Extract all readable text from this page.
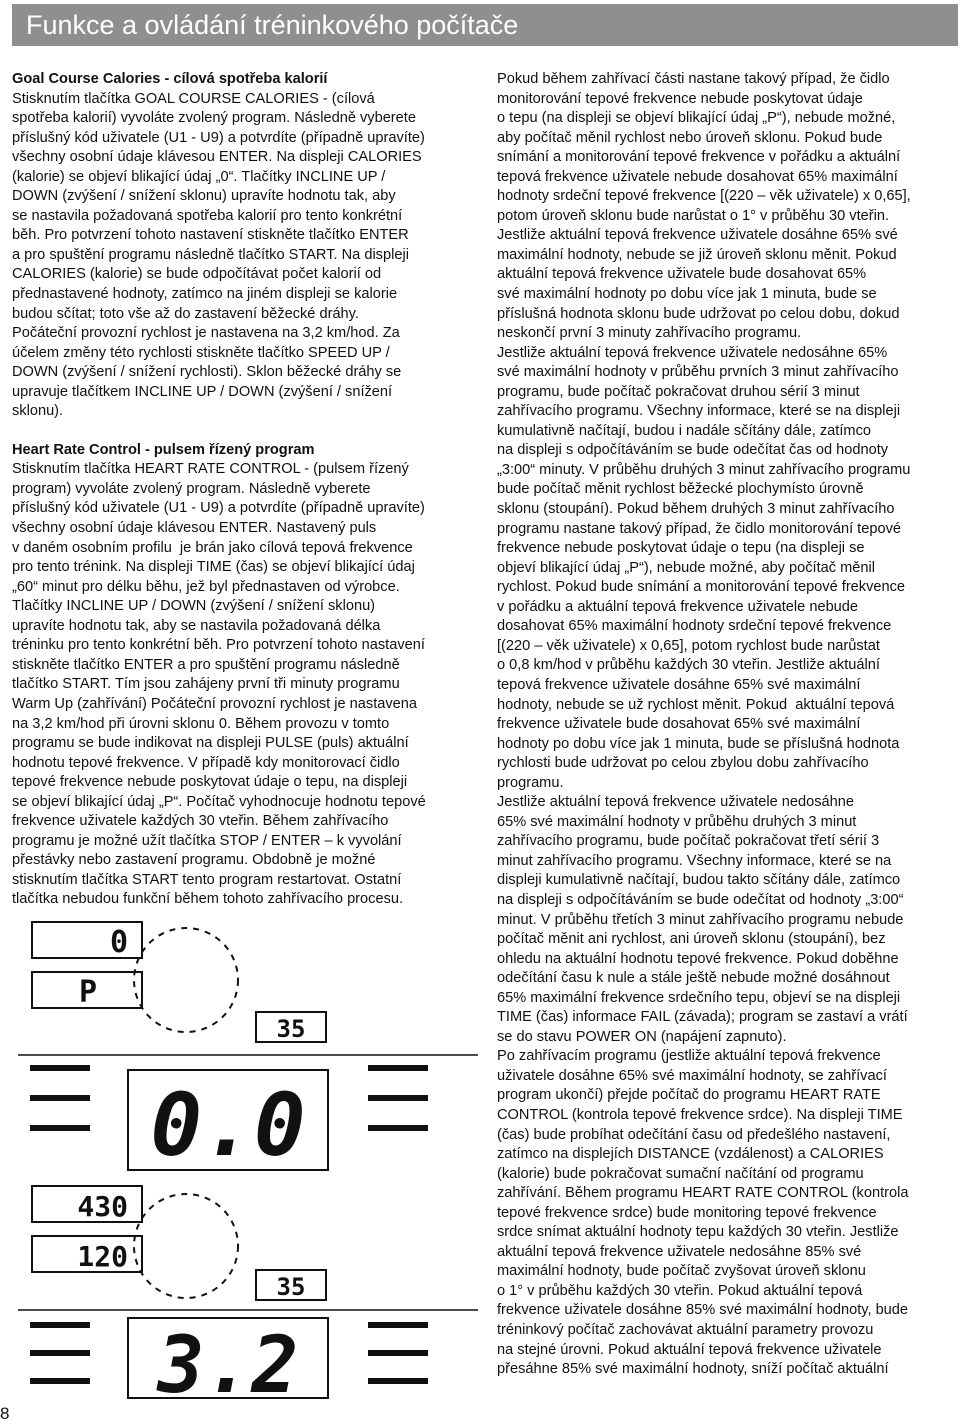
Funkce a ovládání tréninkového počítače

Goal Course Calories - cílová spotřeba kalorií

Stisknutím tlačítka GOAL COURSE CALORIES - (cílová

spotřeba kalorií) vyvoláte zvolený program. Následně vyberete

příslušný kód uživatele (U1 - U9) a potvrdíte (případně upravíte)

všechny osobní údaje klávesou ENTER. Na displeji CALORIES

(kalorie) se objeví blikající údaj „0“. Tlačítky INCLINE UP /

DOWN (zvýšení / snížení sklonu) upravíte hodnotu tak, aby

se nastavila požadovaná spotřeba kalorií pro tento konkrétní

běh. Pro potvrzení tohoto nastavení stiskněte tlačítko ENTER

a pro spuštění programu následně tlačítko START. Na displeji

CALORIES (kalorie) se bude odpočítávat počet kalorií od

přednastavené hodnoty, zatímco na jiném displeji se kalorie

budou sčítat; toto vše až do zastavení běžecké dráhy.

Počáteční provozní rychlost je nastavena na 3,2 km/hod. Za

účelem změny této rychlosti stiskněte tlačítko SPEED UP /

DOWN (zvýšení / snížení rychlosti). Sklon běžecké dráhy se

upravuje tlačítkem INCLINE UP / DOWN (zvýšení / snížení

sklonu).

Heart Rate Control - pulsem řízený program

Stisknutím tlačítka HEART RATE CONTROL - (pulsem řízený

program) vyvoláte zvolený program. Následně vyberete

příslušný kód uživatele (U1 - U9) a potvrdíte (případně upravíte)

všechny osobní údaje klávesou ENTER. Nastavený puls

v daném osobním profilu  je brán jako cílová tepová frekvence

pro tento trénink. Na displeji TIME (čas) se objeví blikající údaj

„60“ minut pro délku běhu, jež byl přednastaven od výrobce.

Tlačítky INCLINE UP / DOWN (zvýšení / snížení sklonu)

upravíte hodnotu tak, aby se nastavila požadovaná délka

tréninku pro tento konkrétní běh. Pro potvrzení tohoto nastavení

stiskněte tlačítko ENTER a pro spuštění programu následně

tlačítko START. Tím jsou zahájeny první tři minuty programu

Warm Up (zahřívání) Počáteční provozní rychlost je nastavena

na 3,2 km/hod při úrovni sklonu 0. Během provozu v tomto

programu se bude indikovat na displeji PULSE (puls) aktuální

hodnotu tepové frekvence. V případě kdy monitorovací čidlo

tepové frekvence nebude poskytovat údaje o tepu, na displeji

se objeví blikající údaj „P“. Počítač vyhodnocuje hodnotu tepové

frekvence uživatele každých 30 vteřin. Během zahřívacího

programu je možné užít tlačítka STOP / ENTER – k vyvolání

přestávky nebo zastavení programu. Obdobně je možné

stisknutím tlačítka START tento program restartovat. Ostatní

tlačítka nebudou funkční během tohoto zahřívacího procesu.

Pokud během zahřívací části nastane takový případ, že čidlo

monitorování tepové frekvence nebude poskytovat údaje

o tepu (na displeji se objeví blikající údaj „P“), nebude možné,

aby počítač měnil rychlost nebo úroveň sklonu. Pokud bude

snímání a monitorování tepové frekvence v pořádku a aktuální

tepová frekvence uživatele nebude dosahovat 65% maximální

hodnoty srdeční tepové frekvence [(220 – věk uživatele) x 0,65],

potom úroveň sklonu bude narůstat o 1° v průběhu 30 vteřin.

Jestliže aktuální tepová frekvence uživatele dosáhne 65% své

maximální hodnoty, nebude se již úroveň sklonu měnit. Pokud

aktuální tepová frekvence uživatele bude dosahovat 65%

své maximální hodnoty po dobu více jak 1 minuta, bude se

příslušná hodnota sklonu bude udržovat po celou dobu, dokud

neskončí první 3 minuty zahřívacího programu.

Jestliže aktuální tepová frekvence uživatele nedosáhne 65%

své maximální hodnoty v průběhu prvních 3 minut zahřívacího

programu, bude počítač pokračovat druhou sérií 3 minut

zahřívacího programu. Všechny informace, které se na displeji

kumulativně načítají, budou i nadále sčítány dále, zatímco

na displeji s odpočítáváním se bude odečítat čas od hodnoty

„3:00“ minuty. V průběhu druhých 3 minut zahřívacího programu

bude počítač měnit rychlost běžecké plochymísto úrovně

sklonu (stoupání). Pokud během druhých 3 minut zahřívacího

programu nastane takový případ, že čidlo monitorování tepové

frekvence nebude poskytovat údaje o tepu (na displeji se

objeví blikající údaj „P“), nebude možné, aby počítač měnil

rychlost. Pokud bude snímání a monitorování tepové frekvence

v pořádku a aktuální tepová frekvence uživatele nebude

dosahovat 65% maximální hodnoty srdeční tepové frekvence

[(220 – věk uživatele) x 0,65], potom rychlost bude narůstat

o 0,8 km/hod v průběhu každých 30 vteřin. Jestliže aktuální

tepová frekvence uživatele dosáhne 65% své maximální

hodnoty, nebude se už rychlost měnit. Pokud  aktuální tepová

frekvence uživatele bude dosahovat 65% své maximální

hodnoty po dobu více jak 1 minuta, bude se příslušná hodnota

rychlosti bude udržovat po celou zbylou dobu zahřívacího

programu.

Jestliže aktuální tepová frekvence uživatele nedosáhne

65% své maximální hodnoty v průběhu druhých 3 minut

zahřívacího programu, bude počítač pokračovat třetí sérií 3

minut zahřívacího programu. Všechny informace, které se na

displeji kumulativně načítají, budou takto sčítány dále, zatímco

na displeji s odpočítáváním se bude odečítat od hodnoty „3:00“

minut. V průběhu třetích 3 minut zahřívacího programu nebude

počítač měnit ani rychlost, ani úroveň sklonu (stoupání), bez

ohledu na aktuální hodnotu tepové frekvence. Pokud doběhne

odečítání času k nule a stále ještě nebude možné dosáhnout

65% maximální frekvence srdečního tepu, objeví se na displeji

TIME (čas) informace FAIL (závada); program se zastaví a vrátí

se do stavu POWER ON (napájení zapnuto).

Po zahřívacím programu (jestliže aktuální tepová frekvence

uživatele dosáhne 65% své maximální hodnoty, se zahřívací

program ukončí) přejde počítač do programu HEART RATE

CONTROL (kontrola tepové frekvence srdce). Na displeji TIME

(čas) bude probíhat odečítání času od předešlého nastavení,

zatímco na displejích DISTANCE (vzdálenost) a CALORIES

(kalorie) bude pokračovat sumační načítání od programu

zahřívání. Během programu HEART RATE CONTROL (kontrola

tepové frekvence srdce) bude monitoring tepové frekvence

srdce snímat aktuální hodnoty tepu každých 30 vteřin. Jestliže

aktuální tepová frekvence uživatele nedosáhne 85% své

maximální hodnoty, bude počítač zvyšovat úroveň sklonu

o 1° v průběhu každých 30 vteřin. Pokud aktuální tepová

frekvence uživatele dosáhne 85% své maximální hodnoty, bude

tréninkový počítač zachovávat aktuální parametry provozu

na stejné úrovni. Pokud aktuální tepová frekvence uživatele

přesáhne 85% své maximální hodnoty, sníží počítač aktuální

0
P
35
0.0
430
120
35
3.2
8
